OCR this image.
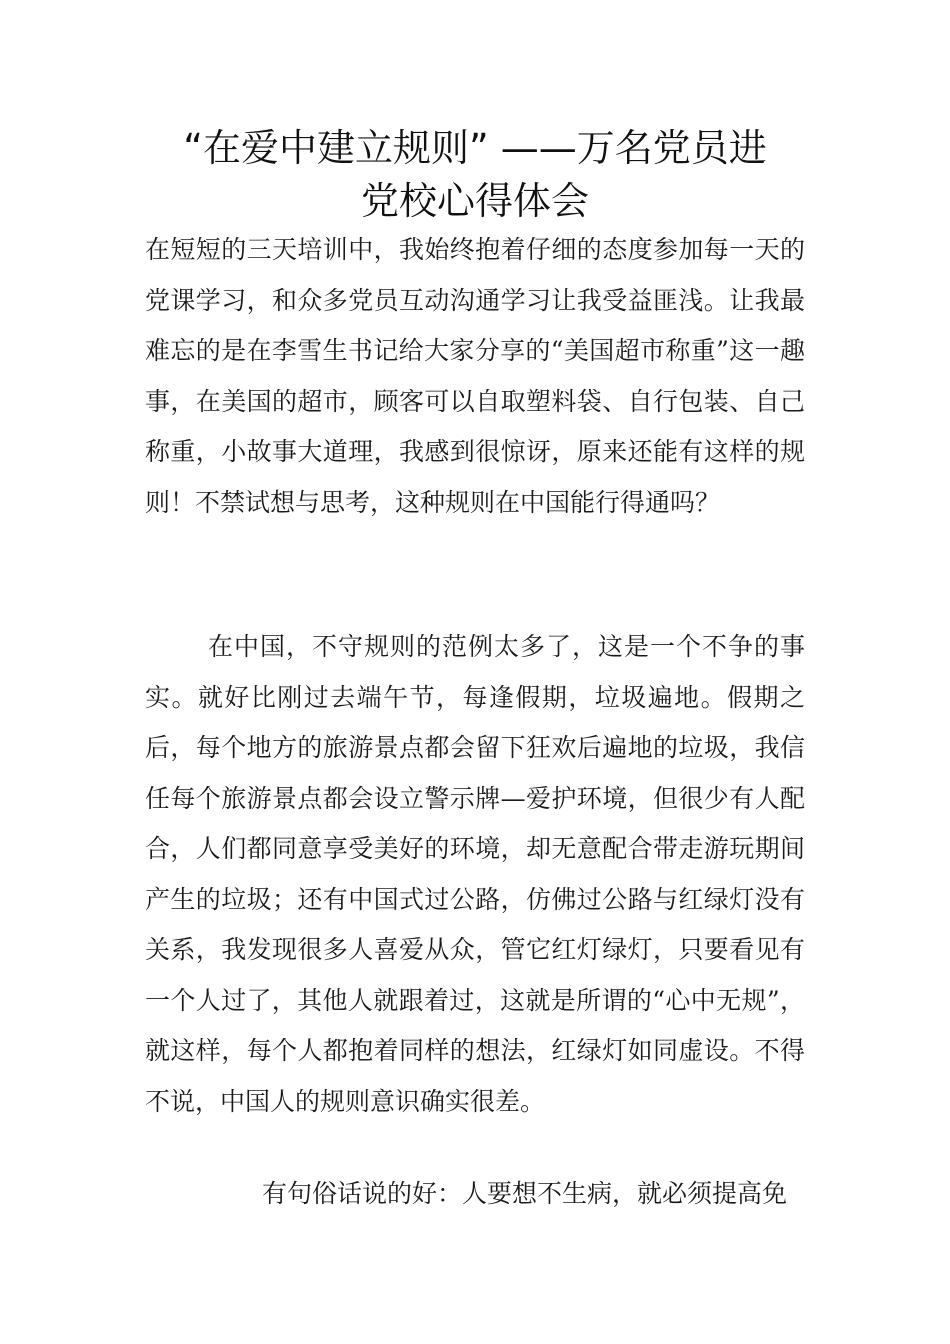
“在爱中建立规则” ——万名党员进
党校心得体会

在短短的三天培训中，我始终抱着仔细的态度参加每一天的党课学习，和众多党员互动沟通学习让我受益匪浅。让我最难忘的是在李雪生书记给大家分享的“美国超市称重”这一趣事，在美国的超市，顾客可以自取塑料袋、自行包装、自己称重，小故事大道理，我感到很惊讶，原来还能有这样的规则！不禁试想与思考，这种规则在中国能行得通吗？

在中国，不守规则的范例太多了，这是一个不争的事实。就好比刚过去端午节，每逢假期，垃圾遍地。假期之后，每个地方的旅游景点都会留下狂欢后遍地的垃圾，我信任每个旅游景点都会设立警示牌—爱护环境，但很少有人配合，人们都同意享受美好的环境，却无意配合带走游玩期间产生的垃圾；还有中国式过公路，仿佛过公路与红绿灯没有关系，我发现很多人喜爱从众，管它红灯绿灯，只要看见有一个人过了，其他人就跟着过，这就是所谓的“心中无规”，就这样，每个人都抱着同样的想法，红绿灯如同虚设。不得不说，中国人的规则意识确实很差。

有句俗话说的好：人要想不生病，就必须提高免
